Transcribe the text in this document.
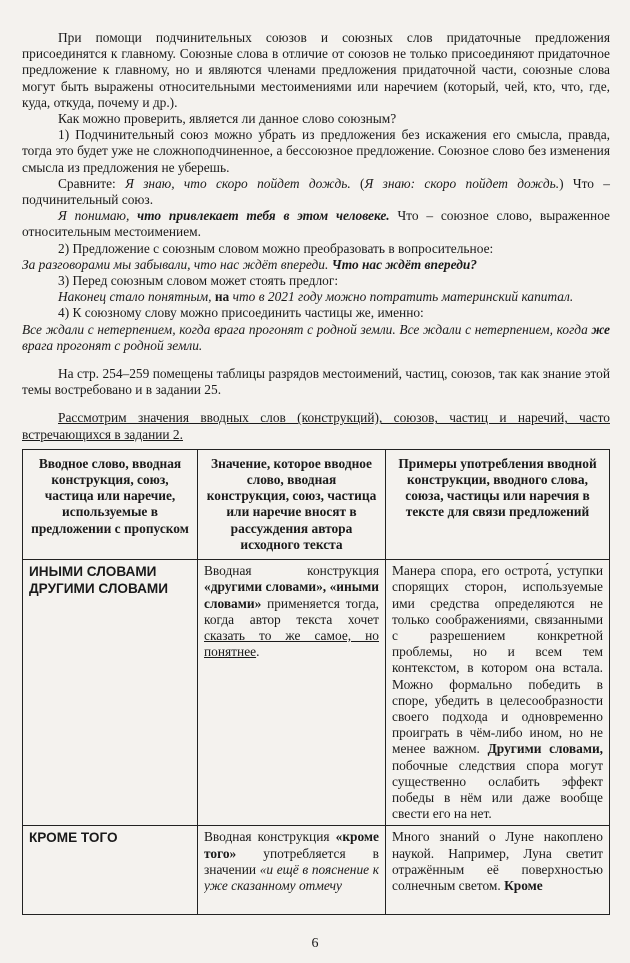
При помощи подчинительных союзов и союзных слов придаточные предложения присоединятся к главному. Союзные слова в отличие от союзов не только присоединяют придаточное предложение к главному, но и являются членами предложения придаточной части, союзные слова могут быть выражены относительными местоимениями или наречием (который, чей, кто, что, где, куда, откуда, почему и др.).

Как можно проверить, является ли данное слово союзным?

1) Подчинительный союз можно убрать из предложения без искажения его смысла, правда, тогда это будет уже не сложноподчиненное, а бессоюзное предложение. Союзное слово без изменения смысла из предложения не уберешь.

Сравните: Я знаю, что скоро пойдет дождь. (Я знаю: скоро пойдет дождь.) Что – подчинительный союз.

Я понимаю, что привлекает тебя в этом человеке. Что – союзное слово, выраженное относительным местоимением.

2) Предложение с союзным словом можно преобразовать в вопросительное:

За разговорами мы забывали, что нас ждёт впереди. Что нас ждёт впереди?

3) Перед союзным словом может стоять предлог:

Наконец стало понятным, на что в 2021 году можно потратить материнский капитал.

4) К союзному слову можно присоединить частицы же, именно:

Все ждали с нетерпением, когда врага прогонят с родной земли. Все ждали с нетерпением, когда же врага прогонят с родной земли.

На стр. 254–259 помещены таблицы разрядов местоимений, частиц, союзов, так как знание этой темы востребовано и в задании 25.

Рассмотрим значения вводных слов (конструкций), союзов, частиц и наречий, часто встречающихся в задании 2.

Вводное слово, вводная конструкция, союз, частица или наречие, используемые в предложении с пропуском	Значение, которое вводное слово, вводная конструкция, союз, частица или наречие вносят в рассуждения автора исходного текста	Примеры употребления вводной конструкции, вводного слова, союза, частицы или наречия в тексте для связи предложений

ИНЫМИ СЛОВАМИ
ДРУГИМИ СЛОВАМИ	Вводная конструкция «другими словами», «иными словами» применяется тогда, когда автор текста хочет сказать то же самое, но понятнее.	Манера спора, его острота́, уступки спорящих сторон, используемые ими средства определяются не только соображениями, связанными с разрешением конкретной проблемы, но и всем тем контекстом, в котором она встала. Можно формально победить в споре, убедить в целесообразности своего подхода и одновременно проиграть в чём-либо ином, но не менее важном. Другими словами, побочные следствия спора могут существенно ослабить эффект победы в нём или даже вообще свести его на нет.

КРОМЕ ТОГО	Вводная конструкция «кроме того» употребляется в значении «и ещё в пояснение к уже сказанному отмечу	Много знаний о Луне накоплено наукой. Например, Луна светит отражённым её поверхностью солнечным светом. Кроме

6
